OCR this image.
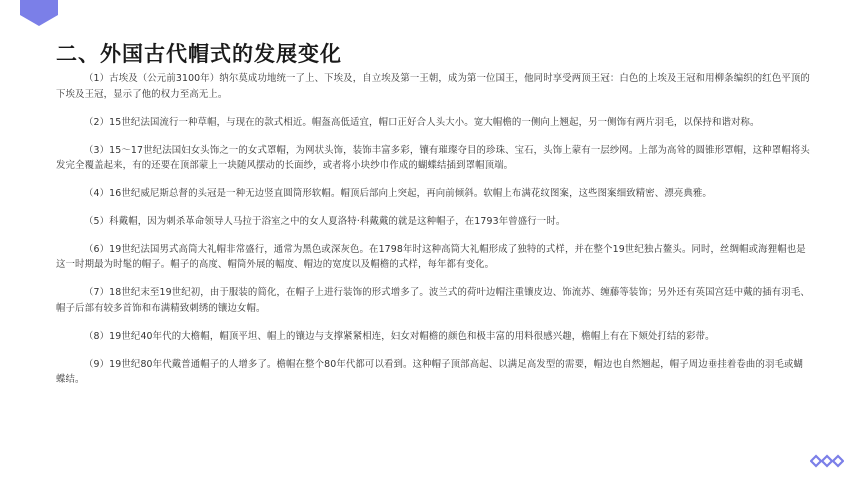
二、外国古代帽式的发展变化

（1）古埃及（公元前3100年）纳尔莫成功地统一了上、下埃及，自立埃及第一王朝，成为第一位国王，他同时享受两顶王冠：白色的上埃及王冠和用柳条编织的红色平顶的下埃及王冠，显示了他的权力至高无上。

（2）15世纪法国流行一种草帽，与现在的款式相近。帽盔高低适宜，帽口正好合人头大小。宽大帽檐的一侧向上翘起，另一侧饰有两片羽毛，以保持和谐对称。

（3）15～17世纪法国妇女头饰之一的女式罩帽，为网状头饰，装饰丰富多彩，镶有璀璨夺目的珍珠、宝石，头饰上蒙有一层纱网。上部为高耸的圆锥形罩帽，这种罩帽将头发完全覆盖起来，有的还要在顶部蒙上一块随风摆动的长面纱，或者将小块纱巾作成的蝴蝶结插到罩帽顶端。

（4）16世纪威尼斯总督的头冠是一种无边竖直圆筒形软帽。帽顶后部向上突起，再向前倾斜。软帽上布满花纹图案，这些图案细致精密、漂亮典雅。

（5）科戴帽，因为刺杀革命领导人马拉于浴室之中的女人夏洛特·科戴戴的就是这种帽子，在1793年曾盛行一时。

（6）19世纪法国男式高筒大礼帽非常盛行，通常为黑色或深灰色。在1798年时这种高筒大礼帽形成了独特的式样，并在整个19世纪独占鳌头。同时，丝绸帽或海狸帽也是这一时期最为时髦的帽子。帽子的高度、帽筒外展的幅度、帽边的宽度以及帽檐的式样，每年都有变化。

（7）18世纪末至19世纪初，由于服装的简化，在帽子上进行装饰的形式增多了。波兰式的荷叶边帽注重镶皮边、饰流苏、缠藤等装饰；另外还有英国宫廷中戴的插有羽毛、帽子后部有较多首饰和布满精致刺绣的镶边女帽。

（8）19世纪40年代的大檐帽，帽顶平坦、帽上的镶边与支撑紧紧相连，妇女对帽檐的颜色和极丰富的用料很感兴趣，檐帽上有在下颏处打结的彩带。

（9）19世纪80年代戴普通帽子的人增多了。檐帽在整个80年代都可以看到。这种帽子顶部高起、以满足高发型的需要，帽边也自然翘起，帽子周边垂挂着卷曲的羽毛或蝴蝶结。
